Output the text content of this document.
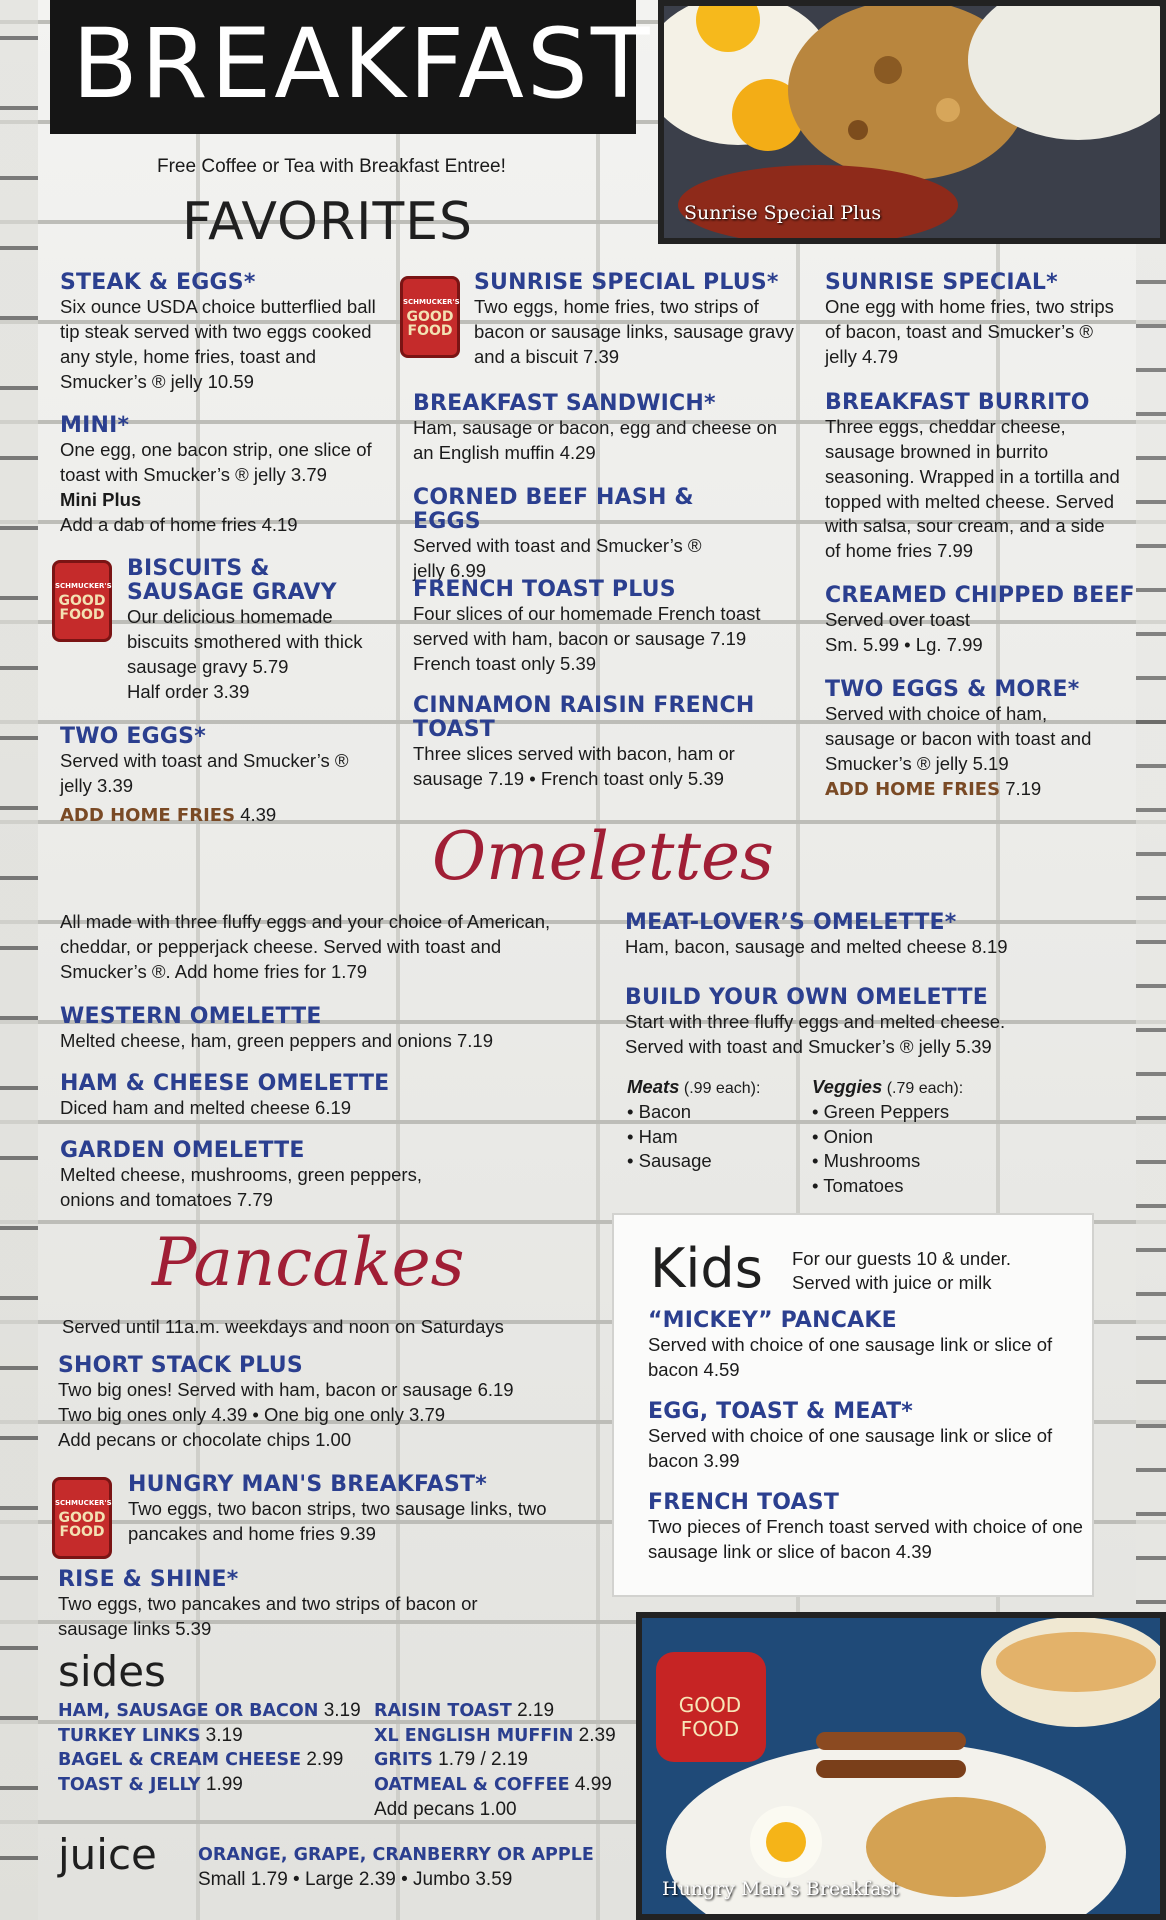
BREAKFAST
Sunrise Special Plus
Free Coffee or Tea with Breakfast Entree!
FAVORITES
STEAK & EGGS*
Six ounce USDA choice butterflied ball tip steak served with two eggs cooked any style, home fries, toast and Smucker’s ® jelly 10.59
MINI*
One egg, one bacon strip, one slice of toast with Smucker’s ® jelly 3.79
Mini Plus
Add a dab of home fries 4.19
SCHMUCKER'S
GOOD
FOOD
BISCUITS & SAUSAGE GRAVY
Our delicious homemade biscuits smothered with thick sausage gravy 5.79
Half order 3.39
TWO EGGS*
Served with toast and Smucker’s ® jelly 3.39
ADD HOME FRIES 4.39
SCHMUCKER'S
GOOD
FOOD
SUNRISE SPECIAL PLUS*
Two eggs, home fries, two strips of bacon or sausage links, sausage gravy and a biscuit 7.39
BREAKFAST SANDWICH*
Ham, sausage or bacon, egg and cheese on an English muffin 4.29
CORNED BEEF HASH & EGGS
Served with toast and Smucker’s ® jelly 6.99
FRENCH TOAST PLUS
Four slices of our homemade French toast served with ham, bacon or sausage 7.19
French toast only 5.39
CINNAMON RAISIN FRENCH TOAST
Three slices served with bacon, ham or sausage 7.19 • French toast only 5.39
SUNRISE SPECIAL*
One egg with home fries, two strips of bacon, toast and Smucker’s ® jelly 4.79
BREAKFAST BURRITO
Three eggs, cheddar cheese, sausage browned in burrito seasoning. Wrapped in a tortilla and topped with melted cheese. Served with salsa, sour cream, and a side of home fries 7.99
CREAMED CHIPPED BEEF
Served over toast
Sm. 5.99 • Lg. 7.99
TWO EGGS & MORE*
Served with choice of ham, sausage or bacon with toast and Smucker’s ® jelly 5.19
ADD HOME FRIES 7.19
Omelettes
All made with three fluffy eggs and your choice of American, cheddar, or pepperjack cheese. Served with toast and Smucker’s ®. Add home fries for 1.79
WESTERN OMELETTE
Melted cheese, ham, green peppers and onions 7.19
HAM & CHEESE OMELETTE
Diced ham and melted cheese 6.19
GARDEN OMELETTE
Melted cheese, mushrooms, green peppers, onions and tomatoes 7.79
MEAT-LOVER’S OMELETTE*
Ham, bacon, sausage and melted cheese 8.19
BUILD YOUR OWN OMELETTE
Start with three fluffy eggs and melted cheese. Served with toast and Smucker’s ® jelly 5.39
Meats (.99 each):
• Bacon
• Ham
• Sausage
Veggies (.79 each):
• Green Peppers
• Onion
• Mushrooms
• Tomatoes
Pancakes
Served until 11a.m. weekdays and noon on Saturdays
SHORT STACK PLUS
Two big ones! Served with ham, bacon or sausage 6.19
Two big ones only 4.39 • One big one only 3.79
Add pecans or chocolate chips 1.00
SCHMUCKER'S
GOOD
FOOD
HUNGRY MAN'S BREAKFAST*
Two eggs, two bacon strips, two sausage links, two pancakes and home fries 9.39
RISE & SHINE*
Two eggs, two pancakes and two strips of bacon or sausage links 5.39
Kids For our guests 10 & under. Served with juice or milk
“MICKEY” PANCAKE
Served with choice of one sausage link or slice of bacon 4.59
EGG, TOAST & MEAT*
Served with choice of one sausage link or slice of bacon 3.99
FRENCH TOAST
Two pieces of French toast served with choice of one sausage link or slice of bacon 4.39
sides
HAM, SAUSAGE OR BACON 3.19
TURKEY LINKS 3.19
BAGEL & CREAM CHEESE 2.99
TOAST & JELLY 1.99
RAISIN TOAST 2.19
XL ENGLISH MUFFIN 2.39
GRITS 1.79 / 2.19
OATMEAL & COFFEE 4.99
Add pecans 1.00
juice ORANGE, GRAPE, CRANBERRY OR APPLE
Small 1.79 • Large 2.39 • Jumbo 3.59
GOOD
FOOD
Hungry Man’s Breakfast
